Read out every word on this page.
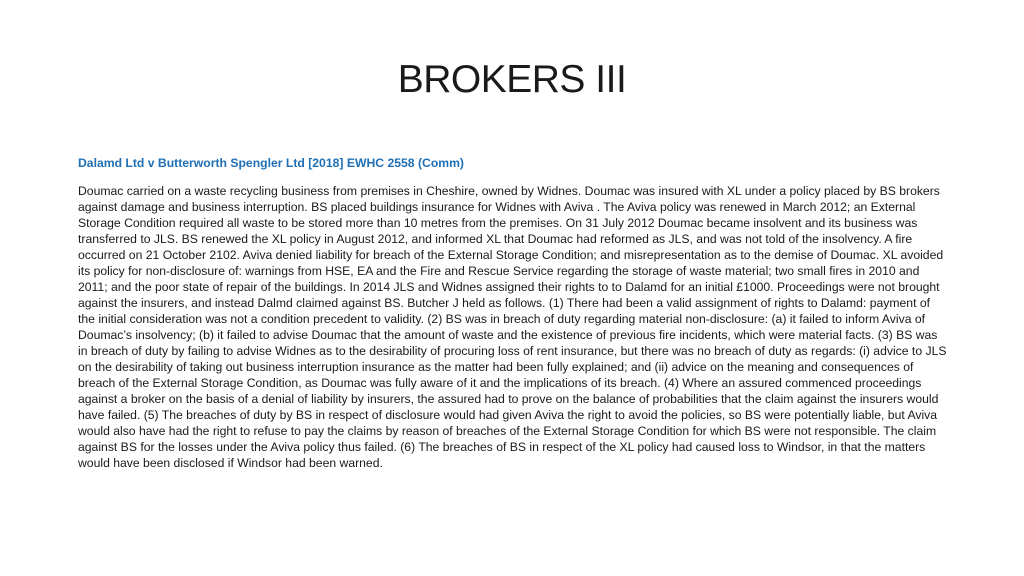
BROKERS III

Dalamd Ltd v Butterworth Spengler Ltd [2018] EWHC 2558 (Comm)

Doumac carried on a waste recycling business from premises in Cheshire, owned by Widnes. Doumac was insured with XL under a policy placed by BS brokers against damage and business interruption. BS placed buildings insurance for Widnes with Aviva . The Aviva policy was renewed in March 2012; an External Storage Condition required all waste to be stored more than 10 metres from the premises. On 31 July 2012 Doumac became insolvent and its business was transferred to JLS. BS renewed the XL policy in August 2012, and informed XL that Doumac had reformed as JLS, and was not told of the insolvency. A fire occurred on 21 October 2102. Aviva denied liability for breach of the External Storage Condition; and misrepresentation as to the demise of Doumac. XL avoided its policy for non-disclosure of: warnings from HSE, EA and the Fire and Rescue Service regarding the storage of waste material; two small fires in 2010 and 2011; and the poor state of repair of the buildings. In 2014 JLS and Widnes assigned their rights to to Dalamd for an initial £1000. Proceedings were not brought against the insurers, and instead Dalmd claimed against BS. Butcher J held as follows. (1) There had been a valid assignment of rights to Dalamd: payment of the initial consideration was not a condition precedent to validity. (2) BS was in breach of duty regarding material non-disclosure: (a) it failed to inform Aviva of Doumac’s insolvency; (b) it failed to advise Doumac that the amount of waste and the existence of previous fire incidents, which were material facts. (3) BS was in breach of duty by failing to advise Widnes as to the desirability of procuring loss of rent insurance, but there was no breach of duty as regards: (i) advice to JLS on the desirability of taking out business interruption insurance as the matter had been fully explained; and (ii) advice on the meaning and consequences of breach of the External Storage Condition, as Doumac was fully aware of it and the implications of its breach. (4) Where an assured commenced proceedings against a broker on the basis of a denial of liability by insurers, the assured had to prove on the balance of probabilities that the claim against the insurers would have failed. (5) The breaches of duty by BS in respect of disclosure would had given Aviva the right to avoid the policies, so BS were potentially liable, but Aviva would also have had the right to refuse to pay the claims by reason of breaches of the External Storage Condition for which BS were not responsible. The claim against BS for the losses under the Aviva policy thus failed. (6) The breaches of BS in respect of the XL policy had caused loss to Windsor, in that the matters would have been disclosed if Windsor had been warned.
